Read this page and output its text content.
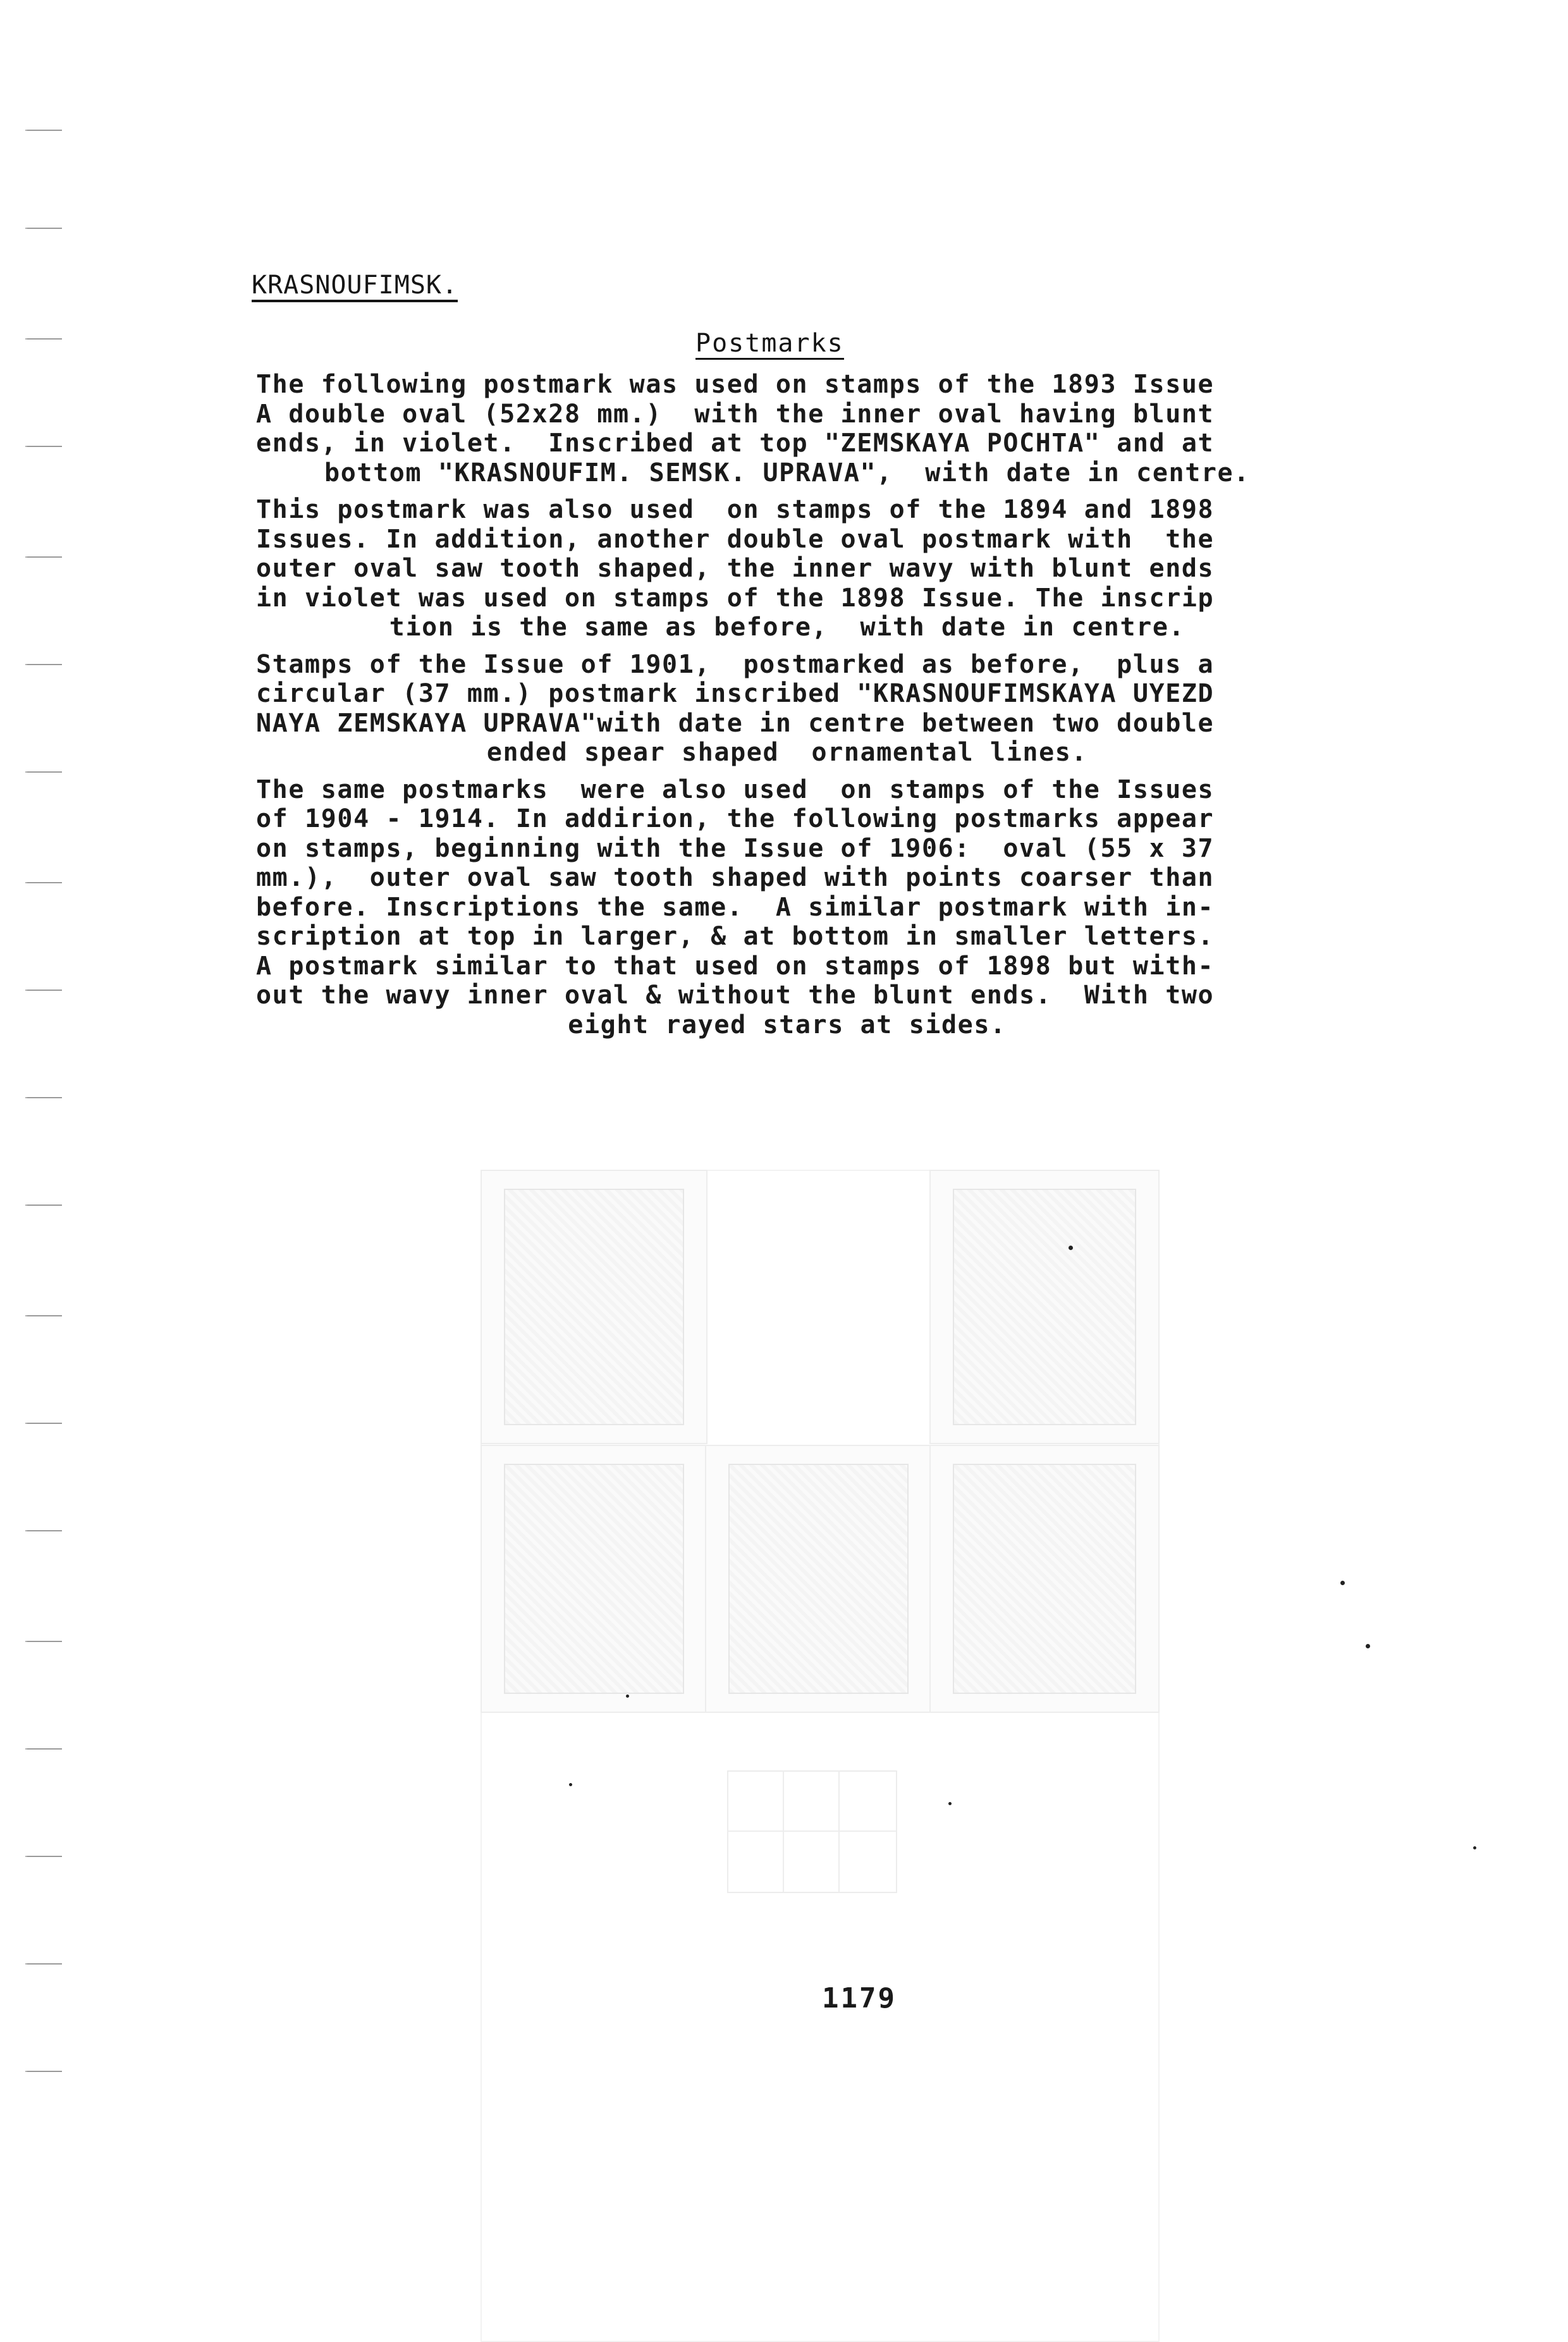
KRASNOUFIMSK.
Postmarks

The following postmark was used on stamps of the 1893 Issue
A double oval (52x28 mm.)  with the inner oval having blunt
ends, in violet.  Inscribed at top "ZEMSKAYA POCHTA" and at
bottom "KRASNOUFIM. SEMSK. UPRAVA",  with date in centre.

This postmark was also used  on stamps of the 1894 and 1898
Issues. In addition, another double oval postmark with  the
outer oval saw tooth shaped, the inner wavy with blunt ends
in violet was used on stamps of the 1898 Issue. The inscrip
tion is the same as before,  with date in centre.

Stamps of the Issue of 1901,  postmarked as before,  plus a
circular (37 mm.) postmark inscribed "KRASNOUFIMSKAYA UYEZD
NAYA ZEMSKAYA UPRAVA"with date in centre between two double
ended spear shaped  ornamental lines.

The same postmarks  were also used  on stamps of the Issues
of 1904 - 1914. In addirion, the following postmarks appear
on stamps, beginning with the Issue of 1906:  oval (55 x 37
mm.),  outer oval saw tooth shaped with points coarser than
before. Inscriptions the same.  A similar postmark with in-
scription at top in larger, & at bottom in smaller letters.
A postmark similar to that used on stamps of 1898 but with-
out the wavy inner oval & without the blunt ends.  With two
eight rayed stars at sides.

1179
